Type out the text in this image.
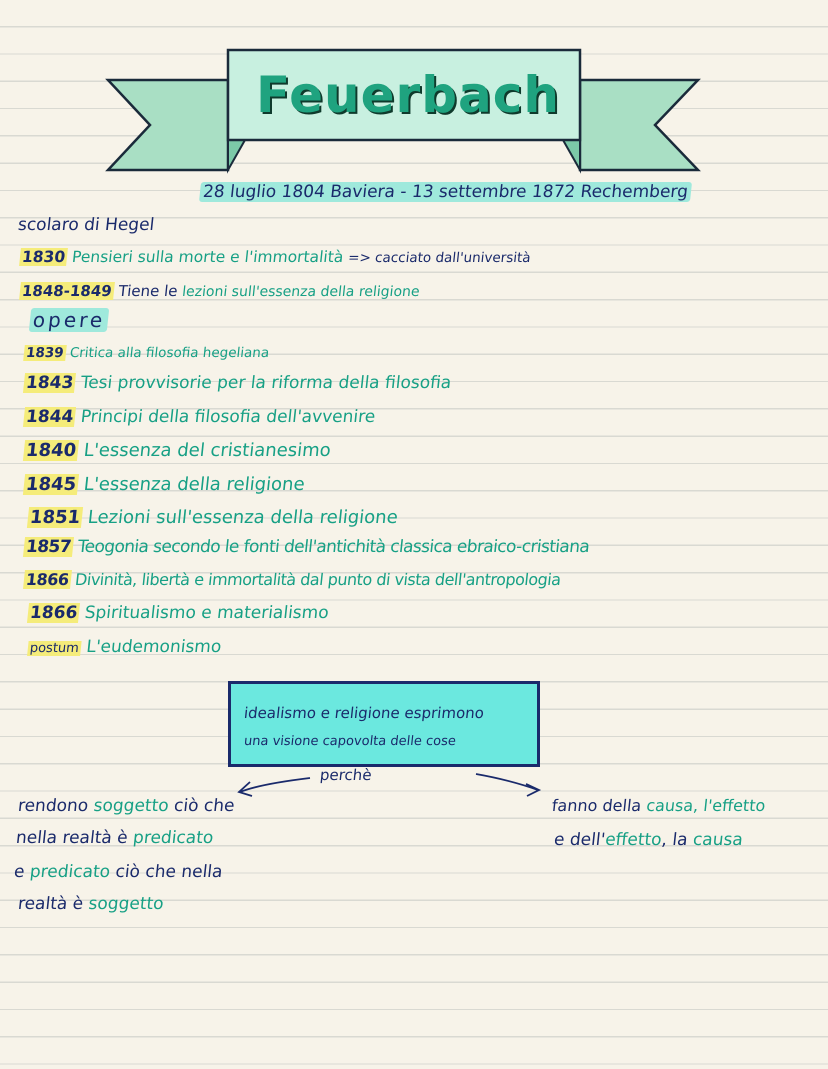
Feuerbach
28 luglio 1804 Baviera - 13 settembre 1872 Rechemberg
scolaro di Hegel
1830 Pensieri sulla morte e l'immortalità => cacciato dall'università
1848-1849 Tiene le lezioni sull'essenza della religione
opere
1839 Critica alla filosofia hegeliana
1843 Tesi provvisorie per la riforma della filosofia
1844 Principi della filosofia dell'avvenire
1840 L'essenza del cristianesimo
1845 L'essenza della religione
1851 Lezioni sull'essenza della religione
1857 Teogonia secondo le fonti dell'antichità classica ebraico-cristiana
1866 Divinità, libertà e immortalità dal punto di vista dell'antropologia
1866 Spiritualismo e materialismo
postum L'eudemonismo
idealismo e religione esprimono
una visione capovolta delle cose
perchè
rendono soggetto ciò che
nella realtà è predicato
e predicato ciò che nella
realtà è soggetto
fanno della causa, l'effetto
e dell'effetto, la causa
